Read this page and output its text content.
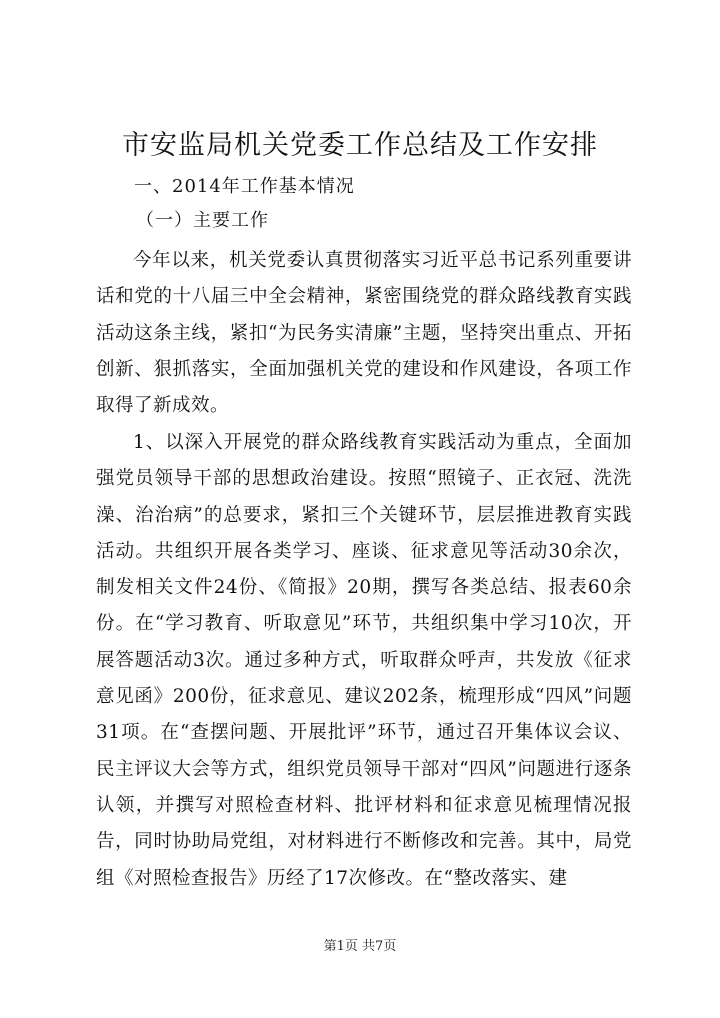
市安监局机关党委工作总结及工作安排

一、2014年工作基本情况

（一）主要工作

今年以来，机关党委认真贯彻落实习近平总书记系列重要讲话和党的十八届三中全会精神，紧密围绕党的群众路线教育实践活动这条主线，紧扣“为民务实清廉”主题，坚持突出重点、开拓创新、狠抓落实，全面加强机关党的建设和作风建设，各项工作取得了新成效。

1、以深入开展党的群众路线教育实践活动为重点，全面加强党员领导干部的思想政治建设。按照“照镜子、正衣冠、洗洗澡、治治病”的总要求，紧扣三个关键环节，层层推进教育实践活动。共组织开展各类学习、座谈、征求意见等活动30余次，制发相关文件24份、《简报》20期，撰写各类总结、报表60余份。在“学习教育、听取意见”环节，共组织集中学习10次，开展答题活动3次。通过多种方式，听取群众呼声，共发放《征求意见函》200份，征求意见、建议202条，梳理形成“四风”问题31项。在“查摆问题、开展批评”环节，通过召开集体议会议、民主评议大会等方式，组织党员领导干部对“四风”问题进行逐条认领，并撰写对照检查材料、批评材料和征求意见梳理情况报告，同时协助局党组，对材料进行不断修改和完善。其中，局党组《对照检查报告》历经了17次修改。在“整改落实、建

第1页 共7页
